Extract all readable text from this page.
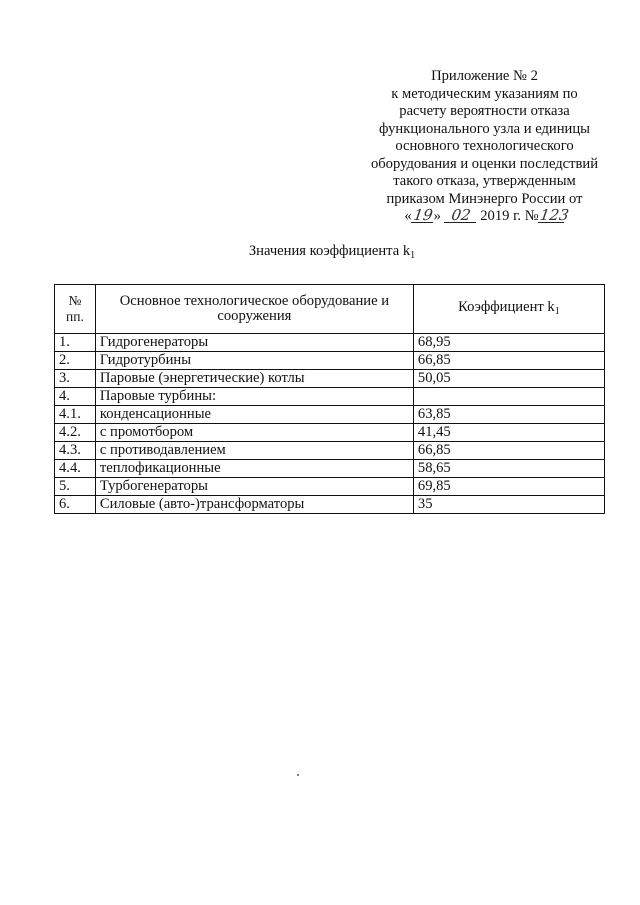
Приложение № 2
к методическим указаниям по
расчету вероятности отказа
функционального узла и единицы
основного технологического
оборудования и оценки последствий
такого отказа, утвержденным
приказом Минэнерго России от
«19» 02 2019 г. №123
Значения коэффициента $k_1$
№
пп.	Основное технологическое оборудование и сооружения	Коэффициент $k_1$
1.	Гидрогенераторы	68,95
2.	Гидротурбины	66,85
3.	Паровые (энергетические) котлы	50,05
4.	Паровые турбины:	
4.1.	конденсационные	63,85
4.2.	с промотбором	41,45
4.3.	с противодавлением	66,85
4.4.	теплофикационные	58,65
5.	Турбогенераторы	69,85
6.	Силовые (авто-)трансформаторы	35
